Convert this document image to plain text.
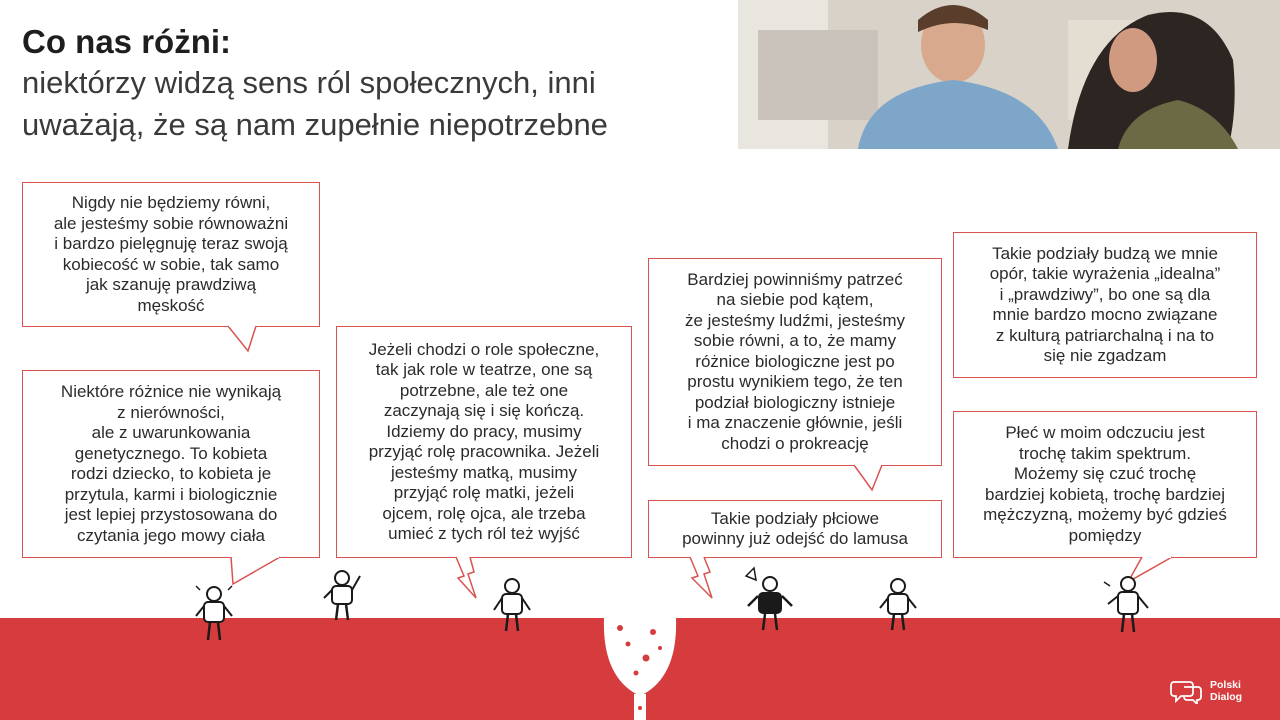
Co nas różni:

niektórzy widzą sens ról społecznych, inni

uważają, że są nam zupełnie niepotrzebne

Nigdy nie będziemy równi,
ale jesteśmy sobie równoważni
i bardzo pielęgnuję teraz swoją
kobiecość w sobie, tak samo
jak szanuję prawdziwą
męskość
Niektóre różnice nie wynikają
z nierówności,
ale z uwarunkowania
genetycznego. To kobieta
rodzi dziecko, to kobieta je
przytula, karmi i biologicznie
jest lepiej przystosowana do
czytania jego mowy ciała
Jeżeli chodzi o role społeczne,
tak jak role w teatrze, one są
potrzebne, ale też one
zaczynają się i się kończą.
Idziemy do pracy, musimy
przyjąć rolę pracownika. Jeżeli
jesteśmy matką, musimy
przyjąć rolę matki, jeżeli
ojcem, rolę ojca, ale trzeba
umieć z tych ról też wyjść
Bardziej powinniśmy patrzeć
na siebie pod kątem,
że jesteśmy ludźmi, jesteśmy
sobie równi, a to, że mamy
różnice biologiczne jest po
prostu wynikiem tego, że ten
podział biologiczny istnieje
i ma znaczenie głównie, jeśli
chodzi o prokreację
Takie podziały płciowe
powinny już odejść do lamusa
Takie podziały budzą we mnie
opór, takie wyrażenia „idealna”
i „prawdziwy”, bo one są dla
mnie bardzo mocno związane
z kulturą patriarchalną i na to
się nie zgadzam
Płeć w moim odczuciu jest
trochę takim spektrum.
Możemy się czuć trochę
bardziej kobietą, trochę bardziej
mężczyzną, możemy być gdzieś
pomiędzy
Polski
Dialog
